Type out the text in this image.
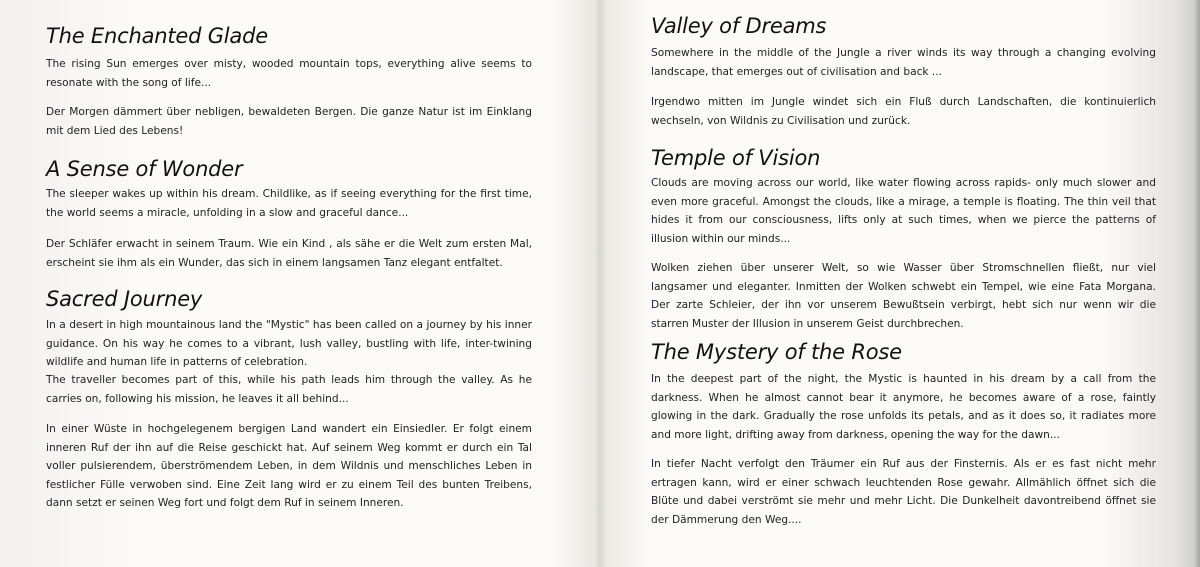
The Enchanted Glade

The rising Sun emerges over misty, wooded mountain tops, everything alive seems to resonate with the song of life...

Der Morgen dämmert über nebligen, bewaldeten Bergen. Die ganze Natur ist im Einklang mit dem Lied des Lebens!

A Sense of Wonder

The sleeper wakes up within his dream. Childlike, as if seeing everything for the first time, the world seems a miracle, unfolding in a slow and graceful dance...

Der Schläfer erwacht in seinem Traum. Wie ein Kind , als sähe er die Welt zum ersten Mal, erscheint sie ihm als ein Wunder, das sich in einem langsamen Tanz elegant entfaltet.

Sacred Journey

In a desert in high mountainous land the "Mystic" has been called on a journey by his inner guidance. On his way he comes to a vibrant, lush valley, bustling with life, inter-twining wildlife and human life in patterns of celebration.

The traveller becomes part of this, while his path leads him through the valley. As he carries on, following his mission, he leaves it all behind...

In einer Wüste in hochgelegenem bergigen Land wandert ein Einsiedler. Er folgt einem inneren Ruf der ihn auf die Reise geschickt hat. Auf seinem Weg kommt er durch ein Tal voller pulsierendem, überströmendem Leben, in dem Wildnis und menschliches Leben in festlicher Fülle verwoben sind. Eine Zeit lang wird er zu einem Teil des bunten Treibens, dann setzt er seinen Weg fort und folgt dem Ruf in seinem Inneren.

Valley of Dreams

Somewhere in the middle of the Jungle a river winds its way through a changing evolving landscape, that emerges out of civilisation and back ...

Irgendwo mitten im Jungle windet sich ein Fluß durch Landschaften, die kontinuierlich wechseln, von Wildnis zu Civilisation und zurück.

Temple of Vision

Clouds are moving across our world, like water flowing across rapids- only much slower and even more graceful. Amongst the clouds, like a mirage, a temple is floating. The thin veil that hides it from our consciousness, lifts only at such times, when we pierce the patterns of illusion within our minds...

Wolken ziehen über unserer Welt, so wie Wasser über Stromschnellen fließt, nur viel langsamer und eleganter. Inmitten der Wolken schwebt ein Tempel, wie eine Fata Morgana. Der zarte Schleier, der ihn vor unserem Bewußtsein verbirgt, hebt sich nur wenn wir die starren Muster der Illusion in unserem Geist durchbrechen.

The Mystery of the Rose

In the deepest part of the night, the Mystic is haunted in his dream by a call from the darkness. When he almost cannot bear it anymore, he becomes aware of a rose, faintly glowing in the dark. Gradually the rose unfolds its petals, and as it does so, it radiates more and more light, drifting away from darkness, opening the way for the dawn...

In tiefer Nacht verfolgt den Träumer ein Ruf aus der Finsternis. Als er es fast nicht mehr ertragen kann, wird er einer schwach leuchtenden Rose gewahr. Allmählich öffnet sich die Blüte und dabei verströmt sie mehr und mehr Licht. Die Dunkelheit davontreibend öffnet sie der Dämmerung den Weg....
